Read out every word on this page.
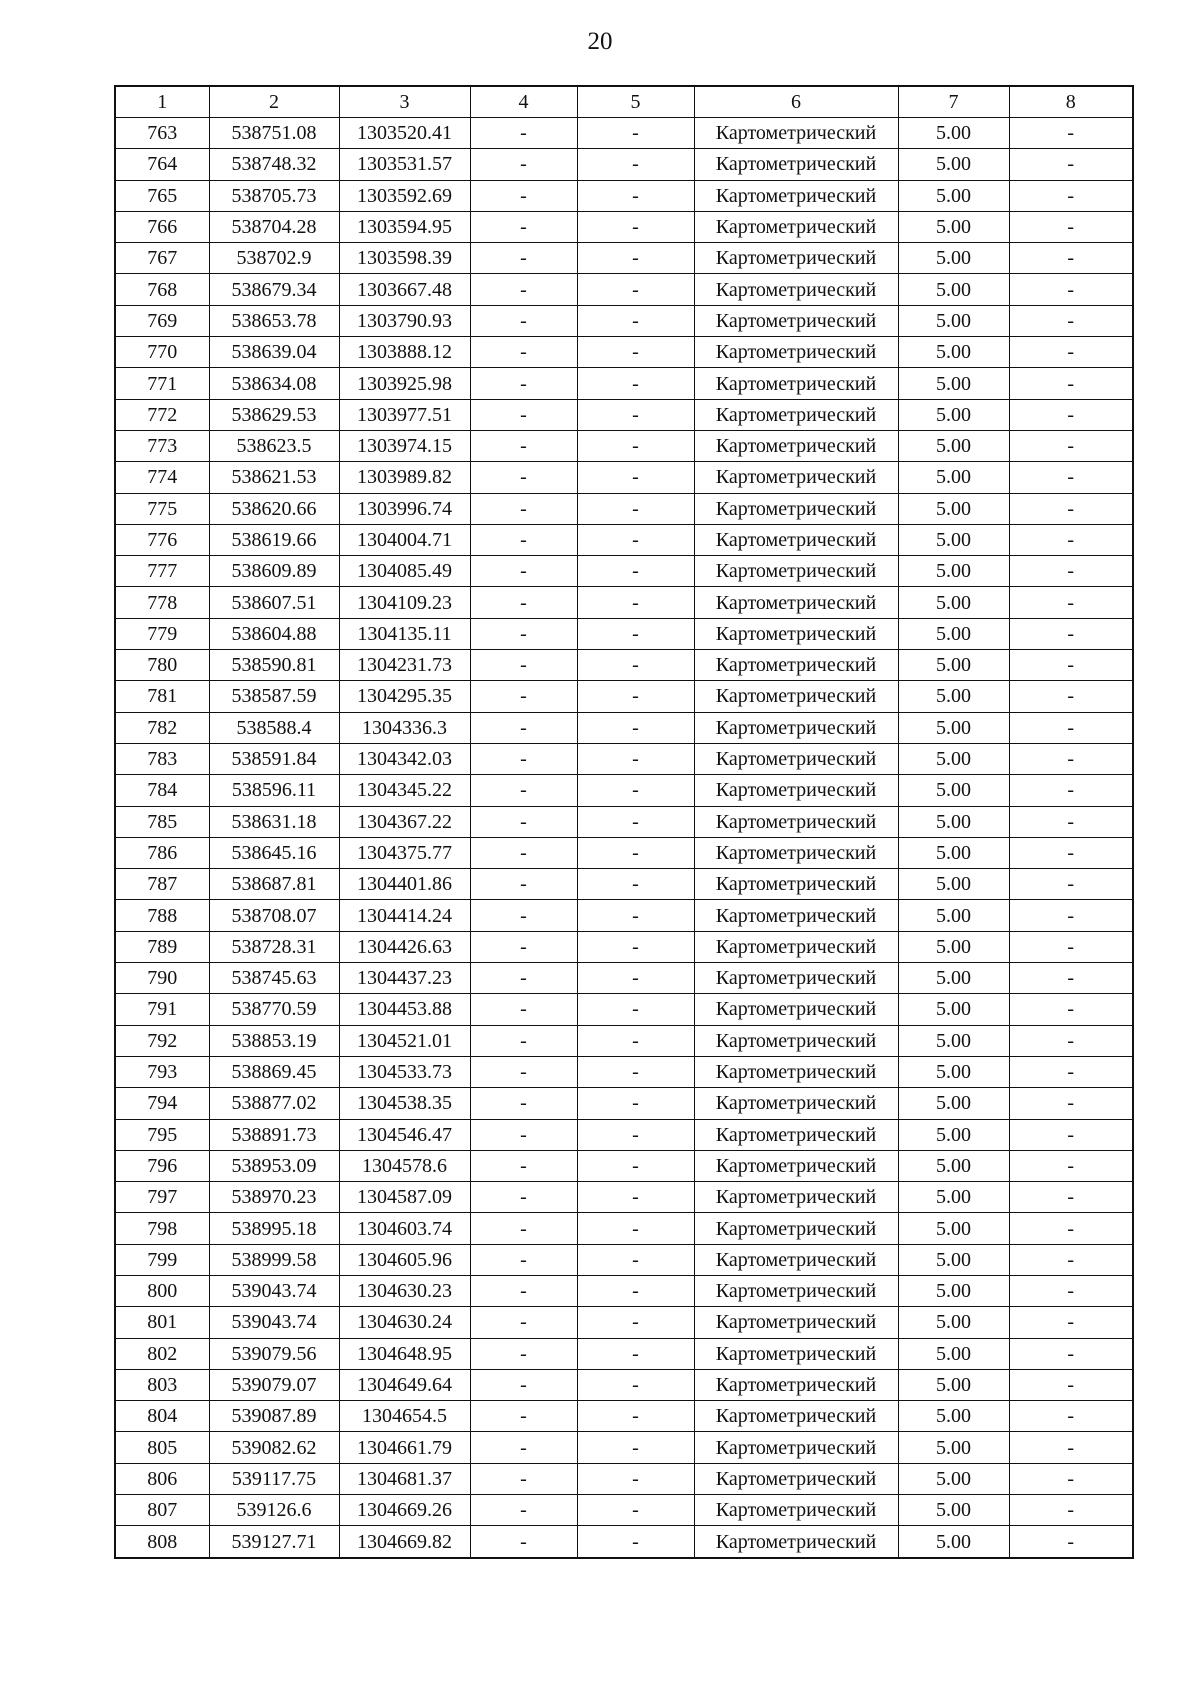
20
1	2	3	4	5	6	7	8
763	538751.08	1303520.41	-	-	Картометрический	5.00	-
764	538748.32	1303531.57	-	-	Картометрический	5.00	-
765	538705.73	1303592.69	-	-	Картометрический	5.00	-
766	538704.28	1303594.95	-	-	Картометрический	5.00	-
767	538702.9	1303598.39	-	-	Картометрический	5.00	-
768	538679.34	1303667.48	-	-	Картометрический	5.00	-
769	538653.78	1303790.93	-	-	Картометрический	5.00	-
770	538639.04	1303888.12	-	-	Картометрический	5.00	-
771	538634.08	1303925.98	-	-	Картометрический	5.00	-
772	538629.53	1303977.51	-	-	Картометрический	5.00	-
773	538623.5	1303974.15	-	-	Картометрический	5.00	-
774	538621.53	1303989.82	-	-	Картометрический	5.00	-
775	538620.66	1303996.74	-	-	Картометрический	5.00	-
776	538619.66	1304004.71	-	-	Картометрический	5.00	-
777	538609.89	1304085.49	-	-	Картометрический	5.00	-
778	538607.51	1304109.23	-	-	Картометрический	5.00	-
779	538604.88	1304135.11	-	-	Картометрический	5.00	-
780	538590.81	1304231.73	-	-	Картометрический	5.00	-
781	538587.59	1304295.35	-	-	Картометрический	5.00	-
782	538588.4	1304336.3	-	-	Картометрический	5.00	-
783	538591.84	1304342.03	-	-	Картометрический	5.00	-
784	538596.11	1304345.22	-	-	Картометрический	5.00	-
785	538631.18	1304367.22	-	-	Картометрический	5.00	-
786	538645.16	1304375.77	-	-	Картометрический	5.00	-
787	538687.81	1304401.86	-	-	Картометрический	5.00	-
788	538708.07	1304414.24	-	-	Картометрический	5.00	-
789	538728.31	1304426.63	-	-	Картометрический	5.00	-
790	538745.63	1304437.23	-	-	Картометрический	5.00	-
791	538770.59	1304453.88	-	-	Картометрический	5.00	-
792	538853.19	1304521.01	-	-	Картометрический	5.00	-
793	538869.45	1304533.73	-	-	Картометрический	5.00	-
794	538877.02	1304538.35	-	-	Картометрический	5.00	-
795	538891.73	1304546.47	-	-	Картометрический	5.00	-
796	538953.09	1304578.6	-	-	Картометрический	5.00	-
797	538970.23	1304587.09	-	-	Картометрический	5.00	-
798	538995.18	1304603.74	-	-	Картометрический	5.00	-
799	538999.58	1304605.96	-	-	Картометрический	5.00	-
800	539043.74	1304630.23	-	-	Картометрический	5.00	-
801	539043.74	1304630.24	-	-	Картометрический	5.00	-
802	539079.56	1304648.95	-	-	Картометрический	5.00	-
803	539079.07	1304649.64	-	-	Картометрический	5.00	-
804	539087.89	1304654.5	-	-	Картометрический	5.00	-
805	539082.62	1304661.79	-	-	Картометрический	5.00	-
806	539117.75	1304681.37	-	-	Картометрический	5.00	-
807	539126.6	1304669.26	-	-	Картометрический	5.00	-
808	539127.71	1304669.82	-	-	Картометрический	5.00	-
